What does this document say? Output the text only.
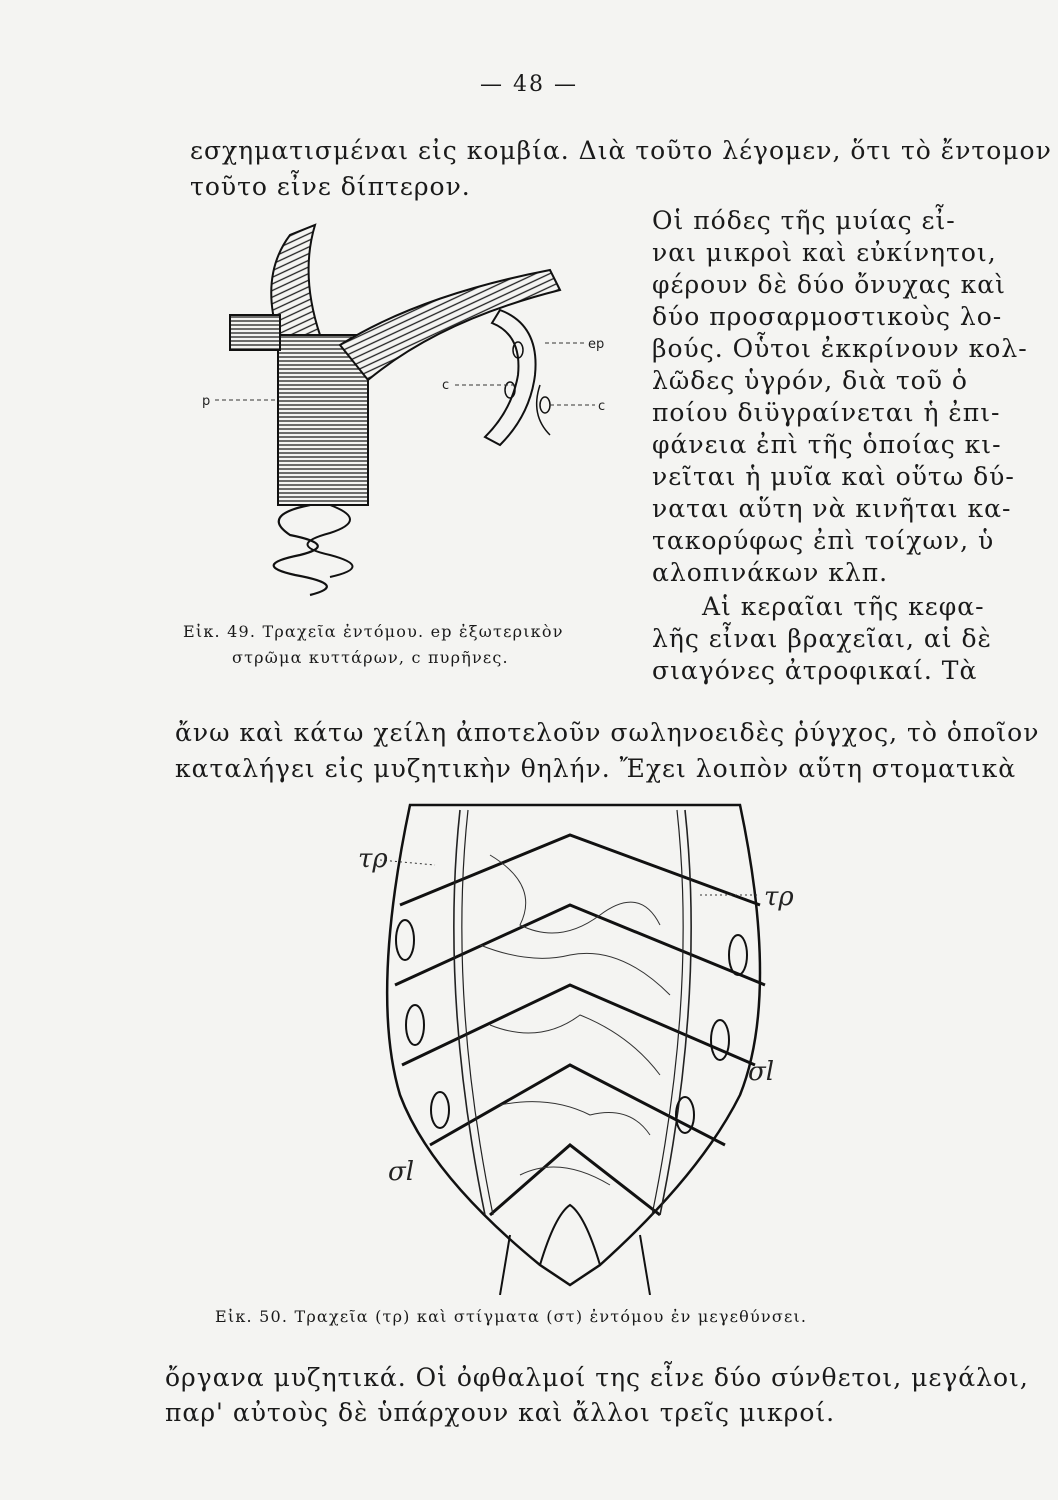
— 48 —
εσχηματισμέναι εἰς κομβία. Διὰ τοῦτο λέγομεν, ὅτι τὸ ἔντομον
τοῦτο εἶνε δίπτερον.
Οἱ πόδες τῆς μυίας εἶ-
ναι μικροὶ καὶ εὐκίνητοι,
φέρουν δὲ δύο ὄνυχας καὶ
δύο προσαρμοστικοὺς λο-
βούς. Οὗτοι ἐκκρίνουν κολ-
λῶδες ὑγρόν, διὰ τοῦ ὁ
ποίου διϋγραίνεται ἡ ἐπι-
φάνεια ἐπὶ τῆς ὁποίας κι-
νεῖται ἡ μυῖα καὶ οὕτω δύ-
ναται αὕτη νὰ κινῆται κα-
τακορύφως ἐπὶ τοίχων, ὑ
αλοπινάκων κλπ.
Αἱ κεραῖαι τῆς κεφα-
λῆς εἶναι βραχεῖαι, αἱ δὲ
σιαγόνες ἀτροφικαί. Τὰ
ep
p
c
c
Εἰκ. 49. Τραχεῖα ἐντόμου. ep ἐξωτερικὸν
στρῶμα κυττάρων, c πυρῆνες.
ἄνω καὶ κάτω χείλη ἀποτελοῦν σωληνοειδὲς ῥύγχος, τὸ ὁποῖον
καταλήγει εἰς μυζητικὴν θηλήν. Ἔχει λοιπὸν αὕτη στοματικὰ
τρ
τρ
σl
σl
Εἰκ. 50. Τραχεῖα (τρ) καὶ στίγματα (στ) ἐντόμου ἐν μεγεθύνσει.
ὄργανα μυζητικά. Οἱ ὀφθαλμοί της εἶνε δύο σύνθετοι, μεγάλοι,
παρ' αὐτοὺς δὲ ὑπάρχουν καὶ ἄλλοι τρεῖς μικροί.
